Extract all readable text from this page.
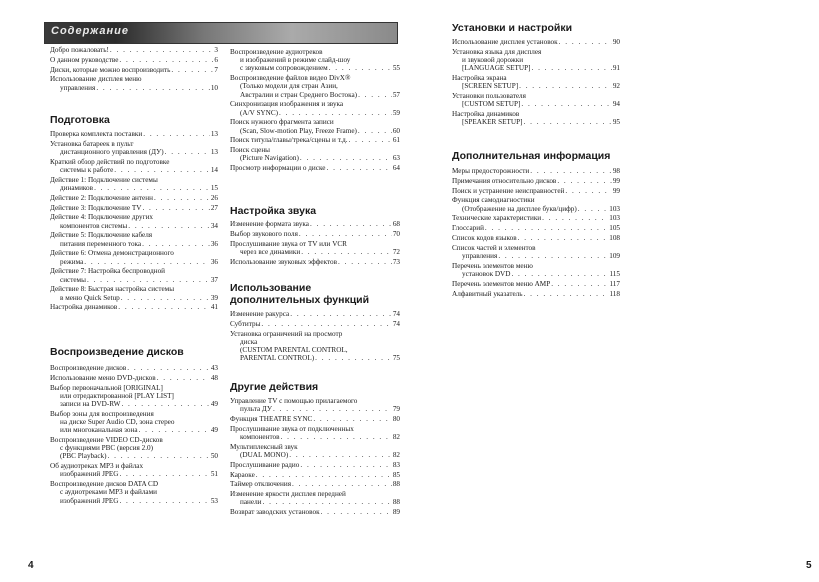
Содержание
Добро пожаловать! . . .	3
О данном руководстве . . .	6
Диски, которые можно воспроизводить . . .	7
Использование дисплея меню
управления . . .	10
Подготовка
Проверка комплекта поставки . . .	13
Установка батареек в пульт
дистанционного управления (ДУ) . . .	13
Краткий обзор действий по подготовке
системы к работе . . .	14
Действие 1: Подключение системы
динамиков . . .	15
Действие 2: Подключение антенн . . .	26
Действие 3: Подключение TV . . .	27
Действие 4: Подключение других
компонентов системы . . .	34
Действие 5: Подключение кабеля
питания переменного тока . . .	36
Действие 6: Отмена демонстрационного
режима . . .	36
Действие 7: Настройка беспроводной
системы . . .	37
Действие 8: Быстрая настройка системы
в меню Quick Setup . . .	39
Настройка динамиков . . .	41
Воспроизведение дисков
Воспроизведение дисков . . .	43
Использование меню DVD-дисков . . .	48
Выбор первоначальной [ORIGINAL]
или отредактированной [PLAY LIST]
записи на DVD-RW . . .	49
Выбор зоны для воспроизведения
на диске Super Audio CD, зона стерео
или многоканальная зона . . .	49
Воспроизведение VIDEO CD-дисков
с функциями PBC (версия 2.0)
(PBC Playback) . . .	50
Об аудиотреках MP3 и файлах
изображений JPEG . . .	51
Воспроизведение дисков DATA CD
с аудиотреками MP3 и файлами
изображений JPEG . . .	53
Воспроизведение аудиотреков
и изображений в режиме слайд-шоу
с звуковым сопровождением . . .	55
Воспроизведение файлов видео DivX®
(Только модели для стран Азии,
Австралии и стран Среднего Востока) . . .	57
Синхронизация изображения и звука
(A/V SYNC) . . .	59
Поиск нужного фрагмента записи
(Scan, Slow-motion Play, Freeze Frame) . . .	60
Поиск титула/главы/трека/сцены и т.д. . . .	61
Поиск сцены
(Picture Navigation) . . .	63
Просмотр информации о диске . . .	64
Настройка звука
Изменение формата звука . . .	68
Выбор звукового поля . . .	70
Прослушивание звука от TV или VCR
через все динамики . . .	72
Использование звуковых эффектов . . .	73
Использование дополнительных функций
Изменение ракурса . . .	74
Субтитры . . .	74
Установка ограничений на просмотр
диска
(CUSTOM PARENTAL CONTROL,
PARENTAL CONTROL) . . .	75
Другие действия
Управление TV с помощью прилагаемого
пульта ДУ . . .	79
Функция THEATRE SYNC . . .	80
Прослушивание звука от подключенных
компонентов . . .	82
Мультиплексный звук
(DUAL MONO) . . .	82
Прослушивание радио . . .	83
Караоке . . .	85
Таймер отключения . . .	88
Изменение яркости дисплея передней
панели . . .	88
Возврат заводских установок . . .	89
Установки и настройки
Использование дисплея установок . . .	90
Установка языка для дисплея
и звуковой дорожки
[LANGUAGE SETUP] . . .	91
Настройка экрана
[SCREEN SETUP] . . .	92
Установки пользователя
[CUSTOM SETUP] . . .	94
Настройка динамиков
[SPEAKER SETUP] . . .	95
Дополнительная информация
Меры предосторожности . . .	98
Примечания относительно дисков . . .	99
Поиск и устранение неисправностей . . .	99
Функция самодиагностики
(Отображение на дисплее букв/цифр) . . .	103
Технические характеристики . . .	103
Глоссарий . . .	105
Список кодов языков . . .	108
Список частей и элементов
управления . . .	109
Перечень элементов меню
установок DVD . . .	115
Перечень элементов меню AMP . . .	117
Алфавитный указатель . . .	118
4	5
